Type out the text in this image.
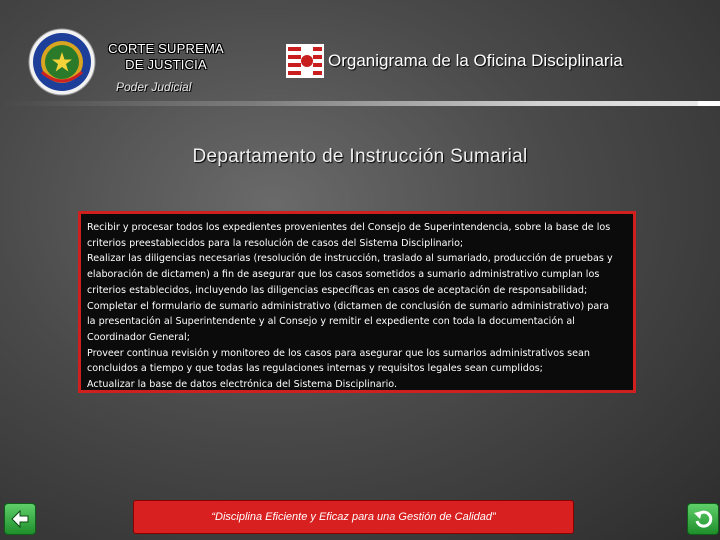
CORTE SUPREMA
DE JUSTICIA
Poder Judicial
Organigrama de la Oficina Disciplinaria
Departamento de Instrucción Sumarial
Recibir y procesar todos los expedientes provenientes del Consejo de Superintendencia, sobre la base de los
criterios preestablecidos para la resolución de casos del Sistema Disciplinario;
Realizar las diligencias necesarias (resolución de instrucción, traslado al sumariado, producción de pruebas y
elaboración de dictamen) a fin de asegurar que los casos sometidos a sumario administrativo cumplan los
criterios establecidos, incluyendo las diligencias específicas en casos de aceptación de responsabilidad;
Completar el formulario de sumario administrativo (dictamen de conclusión de sumario administrativo) para
la presentación al Superintendente y al Consejo y remitir el expediente con toda la documentación al
Coordinador General;
Proveer continua revisión y monitoreo de los casos para asegurar que los sumarios administrativos sean
concluidos a tiempo y que todas las regulaciones internas y requisitos legales sean cumplidos;
Actualizar la base de datos electrónica del Sistema Disciplinario.
“Disciplina Eficiente y Eficaz para una Gestión de Calidad”
